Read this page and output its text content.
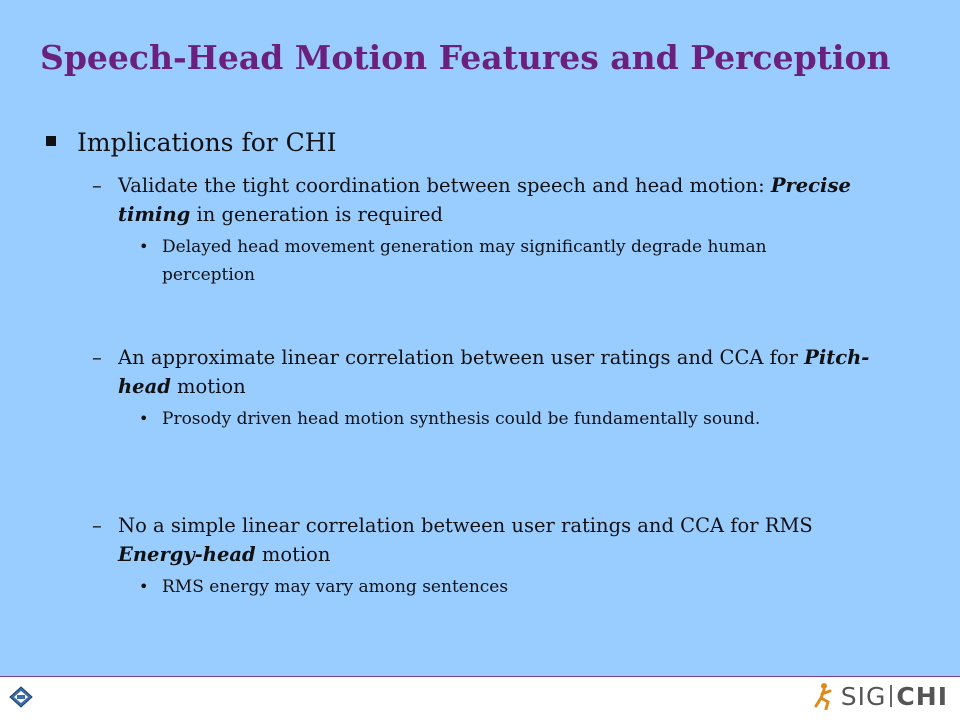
Speech-Head Motion Features and Perception
Implications for CHI
– Validate the tight coordination between speech and head motion: Precise timing in generation is required
• Delayed head movement generation may significantly degrade human perception
– An approximate linear correlation between user ratings and CCA for Pitch-head motion
• Prosody driven head motion synthesis could be fundamentally sound.
– No a simple linear correlation between user ratings and CCA for RMS Energy-head motion
• RMS energy may vary among sentences
SIG CHI
